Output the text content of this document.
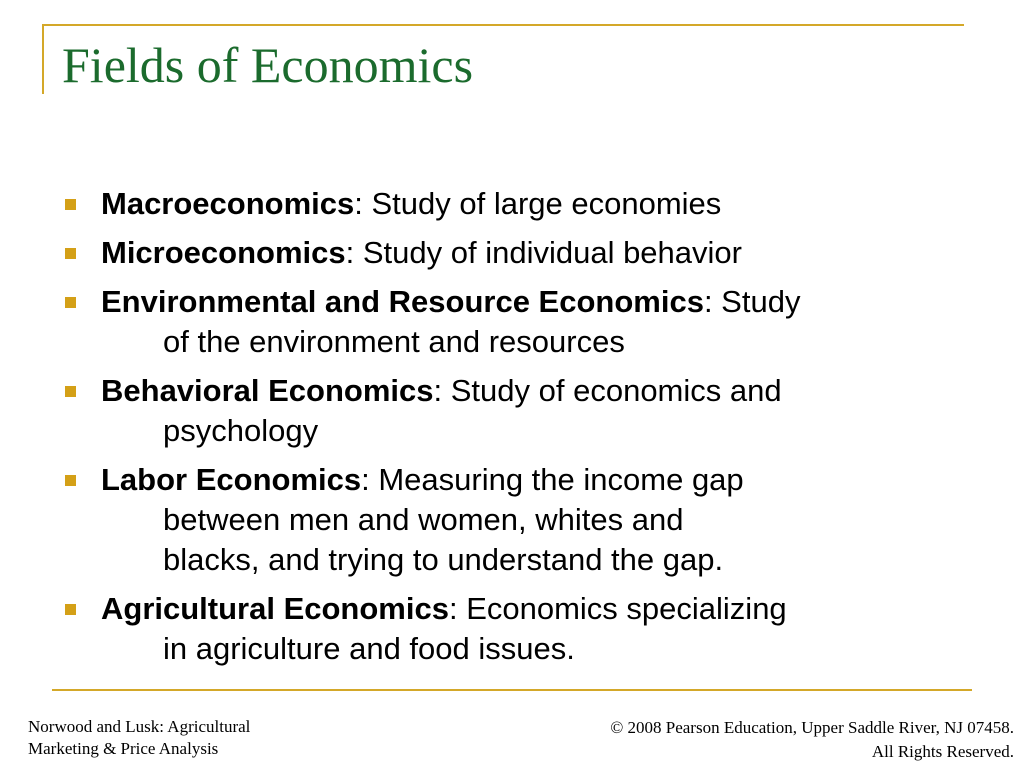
Fields of Economics
Macroeconomics: Study of large economies
Microeconomics: Study of individual behavior
Environmental and Resource Economics: Study
of the environment and resources
Behavioral Economics: Study of economics and
psychology
Labor Economics: Measuring the income gap
between men and women, whites and
blacks, and trying to understand the gap.
Agricultural Economics: Economics specializing
in agriculture and food issues.
Norwood and Lusk: Agricultural
Marketing & Price Analysis
© 2008 Pearson Education, Upper Saddle River, NJ 07458.
All Rights Reserved.
